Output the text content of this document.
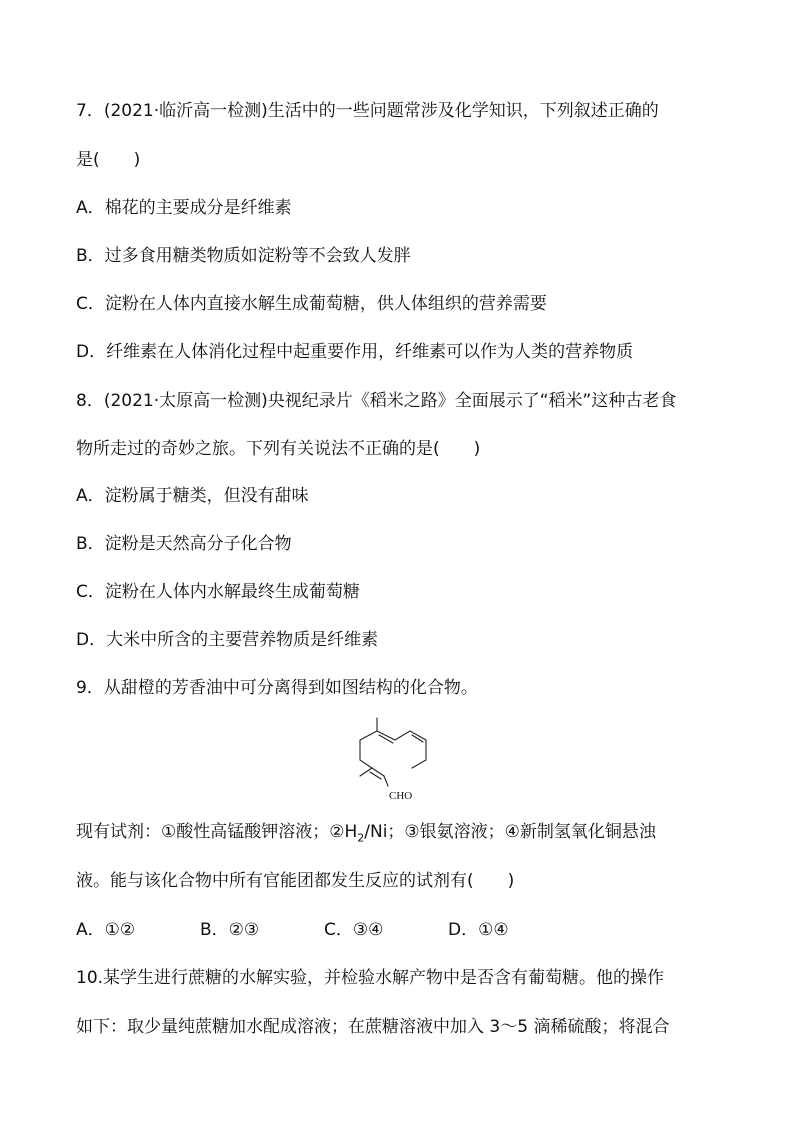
7．(2021·临沂高一检测)生活中的一些问题常涉及化学知识，下列叙述正确的
是(　　)
A．棉花的主要成分是纤维素
B．过多食用糖类物质如淀粉等不会致人发胖
C．淀粉在人体内直接水解生成葡萄糖，供人体组织的营养需要
D．纤维素在人体消化过程中起重要作用，纤维素可以作为人类的营养物质
8．(2021·太原高一检测)央视纪录片《稻米之路》全面展示了“稻米”这种古老食
物所走过的奇妙之旅。下列有关说法不正确的是(　　)
A．淀粉属于糖类，但没有甜味
B．淀粉是天然高分子化合物
C．淀粉在人体内水解最终生成葡萄糖
D．大米中所含的主要营养物质是纤维素
9．从甜橙的芳香油中可分离得到如图结构的化合物。
CHO
现有试剂：①酸性高锰酸钾溶液；$②H_2/Ni$；③银氨溶液；④新制氢氧化铜悬浊
液。能与该化合物中所有官能团都发生反应的试剂有(　　)
A．①②	B．②③	C．③④	D．①④
10.某学生进行蔗糖的水解实验，并检验水解产物中是否含有葡萄糖。他的操作
如下：取少量纯蔗糖加水配成溶液；在蔗糖溶液中加入 3～5 滴稀硫酸；将混合
